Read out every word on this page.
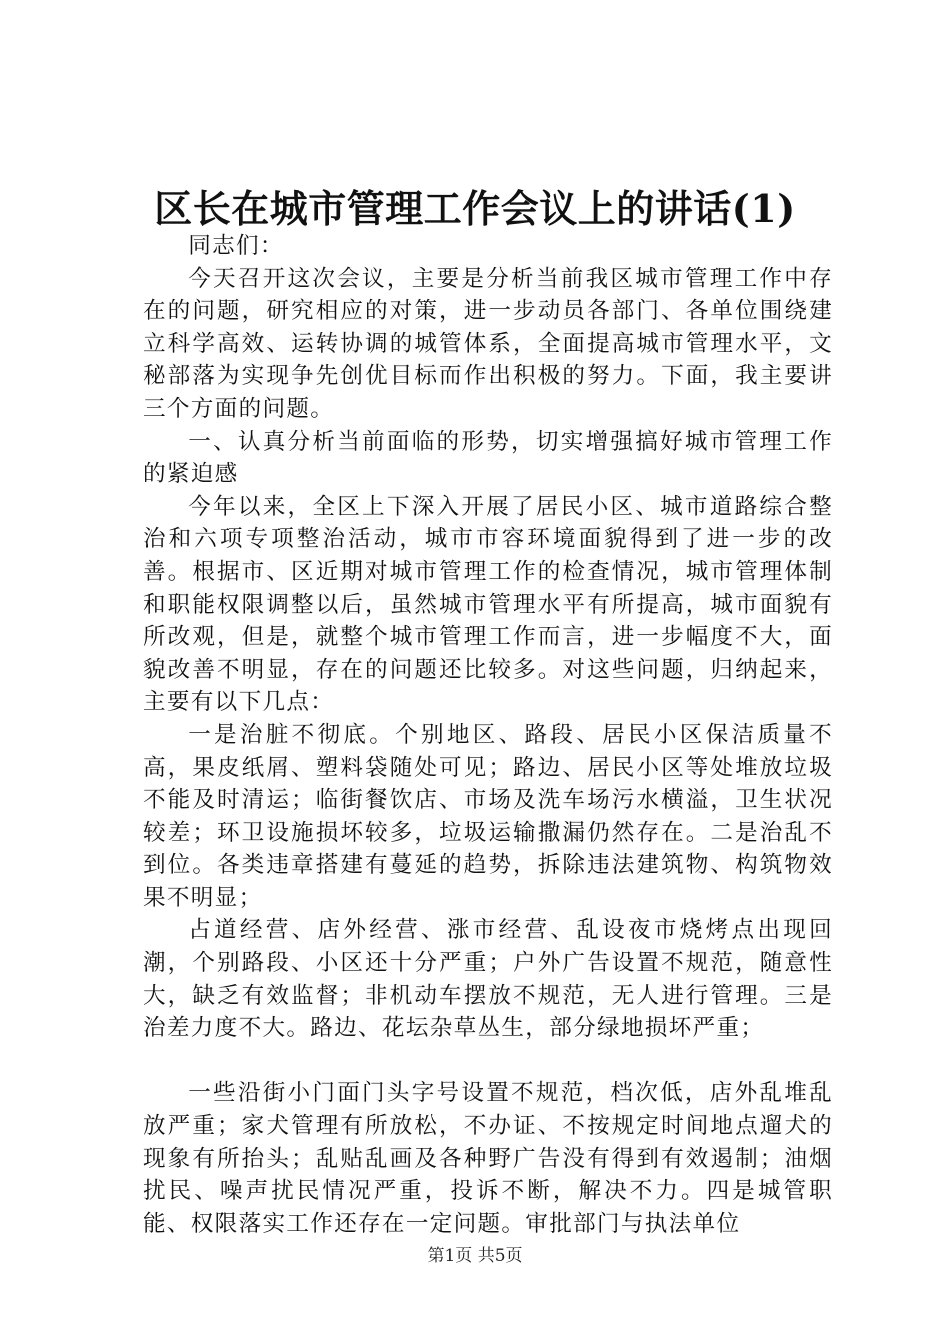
区长在城市管理工作会议上的讲话(1)

同志们：

今天召开这次会议，主要是分析当前我区城市管理工作中存在的问题，研究相应的对策，进一步动员各部门、各单位围绕建立科学高效、运转协调的城管体系，全面提高城市管理水平，文秘部落为实现争先创优目标而作出积极的努力。下面，我主要讲三个方面的问题。

一、认真分析当前面临的形势，切实增强搞好城市管理工作的紧迫感

今年以来，全区上下深入开展了居民小区、城市道路综合整治和六项专项整治活动，城市市容环境面貌得到了进一步的改善。根据市、区近期对城市管理工作的检查情况，城市管理体制和职能权限调整以后，虽然城市管理水平有所提高，城市面貌有所改观，但是，就整个城市管理工作而言，进一步幅度不大，面貌改善不明显，存在的问题还比较多。对这些问题，归纳起来，主要有以下几点：

一是治脏不彻底。个别地区、路段、居民小区保洁质量不高，果皮纸屑、塑料袋随处可见；路边、居民小区等处堆放垃圾不能及时清运；临街餐饮店、市场及洗车场污水横溢，卫生状况较差；环卫设施损坏较多，垃圾运输撒漏仍然存在。二是治乱不到位。各类违章搭建有蔓延的趋势，拆除违法建筑物、构筑物效果不明显；

占道经营、店外经营、涨市经营、乱设夜市烧烤点出现回潮，个别路段、小区还十分严重；户外广告设置不规范，随意性大，缺乏有效监督；非机动车摆放不规范，无人进行管理。三是治差力度不大。路边、花坛杂草丛生，部分绿地损坏严重；

一些沿街小门面门头字号设置不规范，档次低，店外乱堆乱放严重；家犬管理有所放松，不办证、不按规定时间地点遛犬的现象有所抬头；乱贴乱画及各种野广告没有得到有效遏制；油烟扰民、噪声扰民情况严重，投诉不断，解决不力。四是城管职能、权限落实工作还存在一定问题。审批部门与执法单位

第1页 共5页
